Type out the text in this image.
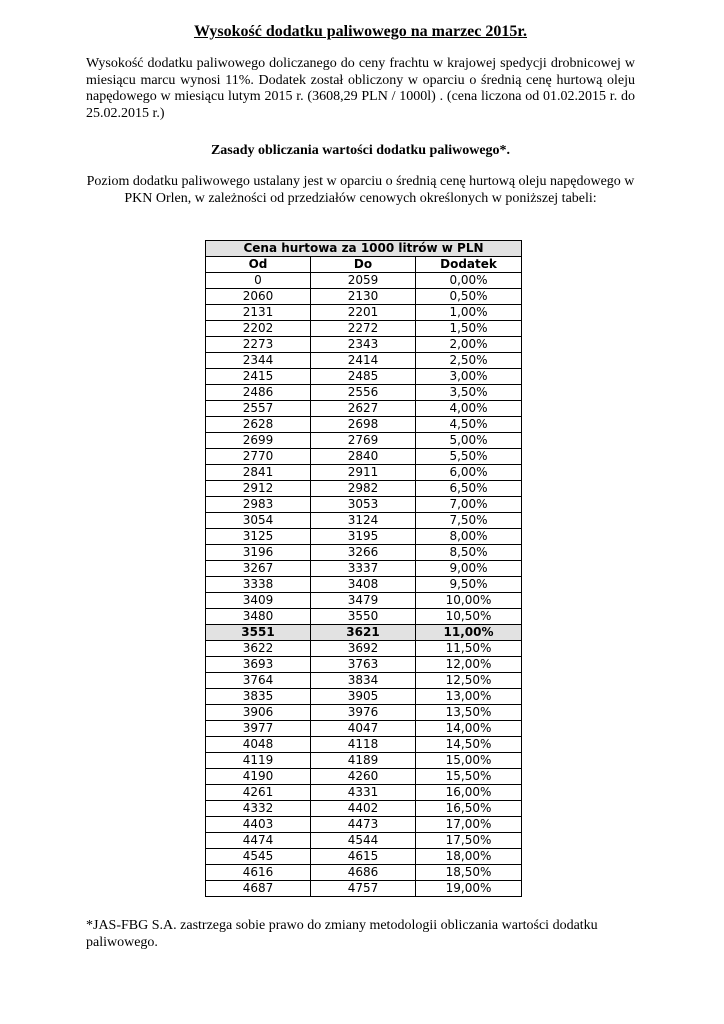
Wysokość dodatku paliwowego na marzec 2015r.

Wysokość dodatku paliwowego doliczanego do ceny frachtu w krajowej spedycji drobnicowej w miesiącu marcu wynosi 11%. Dodatek został obliczony w oparciu o średnią cenę hurtową oleju napędowego w miesiącu lutym 2015 r. (3608,29 PLN / 1000l) . (cena liczona od 01.02.2015 r. do 25.02.2015 r.)

Zasady obliczania wartości dodatku paliwowego*.

Poziom dodatku paliwowego ustalany jest w oparciu o średnią cenę hurtową oleju napędowego w PKN Orlen, w zależności od przedziałów cenowych określonych w poniższej tabeli:

*JAS-FBG S.A. zastrzega sobie prawo do zmiany metodologii obliczania wartości dodatku paliwowego.

Cena hurtowa za 1000 litrów w PLN		
Od	Do	Dodatek
0	2059	0,00%
2060	2130	0,50%
2131	2201	1,00%
2202	2272	1,50%
2273	2343	2,00%
2344	2414	2,50%
2415	2485	3,00%
2486	2556	3,50%
2557	2627	4,00%
2628	2698	4,50%
2699	2769	5,00%
2770	2840	5,50%
2841	2911	6,00%
2912	2982	6,50%
2983	3053	7,00%
3054	3124	7,50%
3125	3195	8,00%
3196	3266	8,50%
3267	3337	9,00%
3338	3408	9,50%
3409	3479	10,00%
3480	3550	10,50%
3551	3621	11,00%
3622	3692	11,50%
3693	3763	12,00%
3764	3834	12,50%
3835	3905	13,00%
3906	3976	13,50%
3977	4047	14,00%
4048	4118	14,50%
4119	4189	15,00%
4190	4260	15,50%
4261	4331	16,00%
4332	4402	16,50%
4403	4473	17,00%
4474	4544	17,50%
4545	4615	18,00%
4616	4686	18,50%
4687	4757	19,00%
